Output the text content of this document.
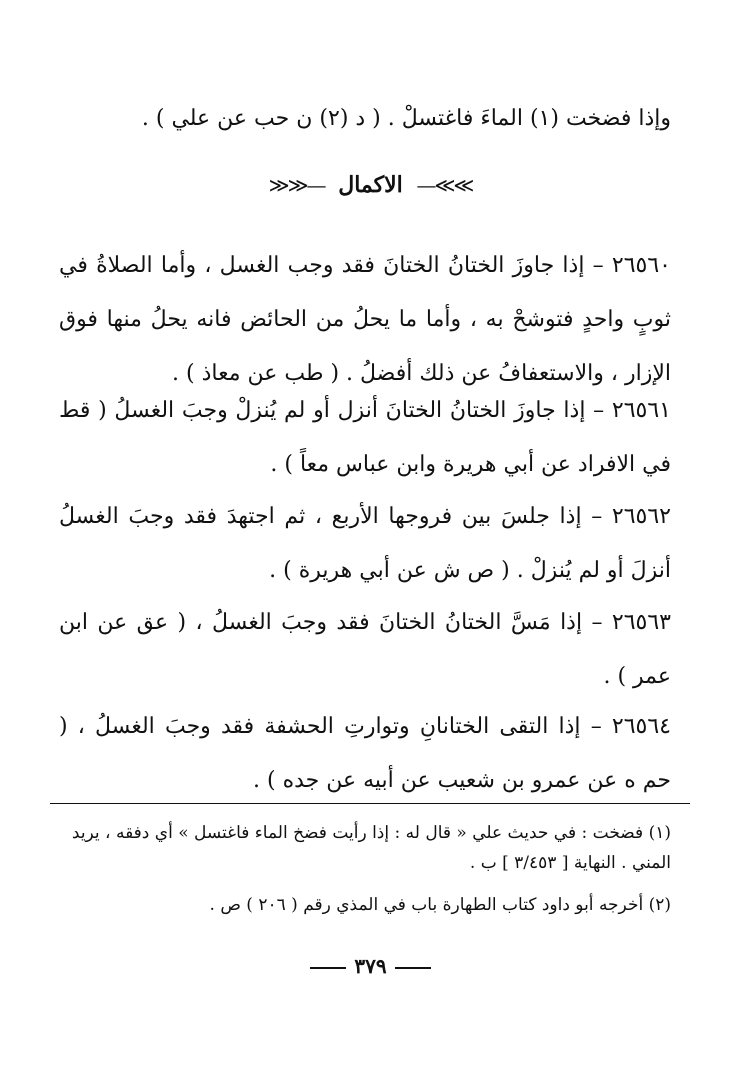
وإذا فضخت (١) الماءَ فاغتسلْ . ( د (٢) ن حب عن علي ) .
≫≫— الاكمال —≪≪
٢٦٥٦٠ – إذا جاوزَ الختانُ الختانَ فقد وجب الغسل ، وأما الصلاةُ في ثوبٍ واحدٍ فتوشحْ به ، وأما ما يحلُ من الحائض فانه يحلُ منها فوق الإزار ، والاستعفافُ عن ذلك أفضلُ . ( طب عن معاذ ) .
٢٦٥٦١ – إذا جاوزَ الختانُ الختانَ أنزل أو لم يُنزلْ وجبَ الغسلُ ( قط في الافراد عن أبي هريرة وابن عباس معاً ) .
٢٦٥٦٢ – إذا جلسَ بين فروجها الأربع ، ثم اجتهدَ فقد وجبَ الغسلُ أنزلَ أو لم يُنزلْ . ( ص ش عن أبي هريرة ) .
٢٦٥٦٣ – إذا مَسَّ الختانُ الختانَ فقد وجبَ الغسلُ ، ( عق عن ابن عمر ) .
٢٦٥٦٤ – إذا التقى الختانانِ وتوارتِ الحشفة فقد وجبَ الغسلُ ، ( حم ه عن عمرو بن شعيب عن أبيه عن جده ) .
(١) فضخت : في حديث علي « قال له : إذا رأيت فضخ الماء فاغتسل » أي دفقه ، يريد المني . النهاية [ ٣/٤٥٣ ] ب .
(٢) أخرجه أبو داود كتاب الطهارة باب في المذي رقم ( ٢٠٦ ) ص .
٣٧٩
